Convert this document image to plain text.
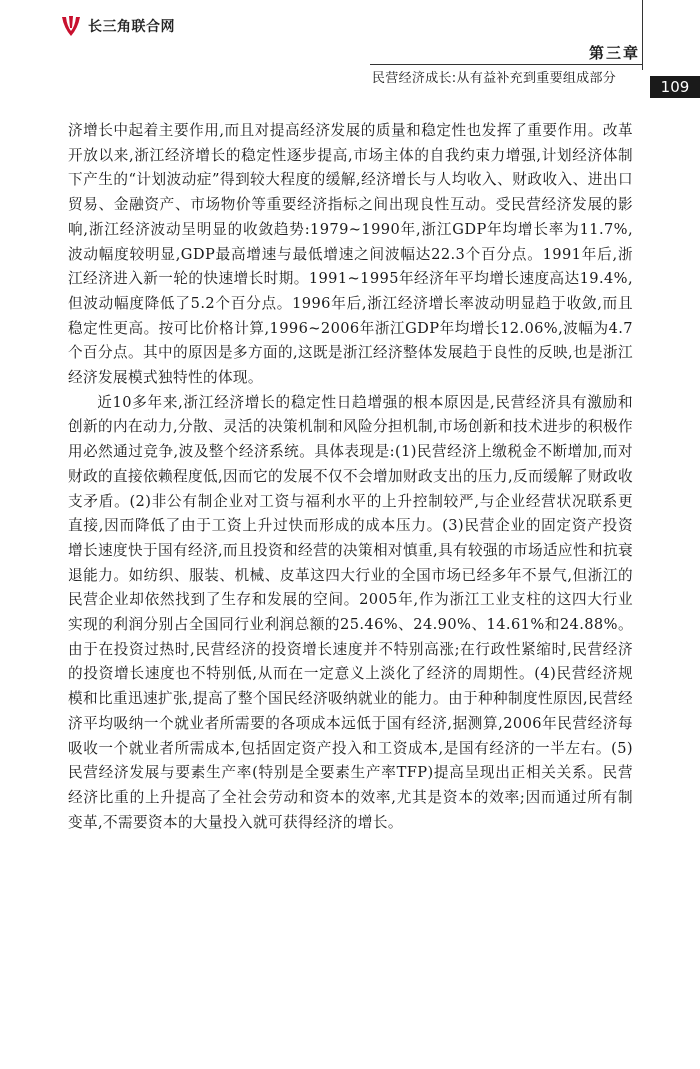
长三角联合网
第三章
民营经济成长:从有益补充到重要组成部分	109

济增长中起着主要作用,而且对提高经济发展的质量和稳定性也发挥了重要作用。改革开放以来,浙江经济增长的稳定性逐步提高,市场主体的自我约束力增强,计划经济体制下产生的“计划波动症”得到较大程度的缓解,经济增长与人均收入、财政收入、进出口贸易、金融资产、市场物价等重要经济指标之间出现良性互动。受民营经济发展的影响,浙江经济波动呈明显的收敛趋势:1979~1990年,浙江GDP年均增长率为11.7%,波动幅度较明显,GDP最高增速与最低增速之间波幅达22.3个百分点。1991年后,浙江经济进入新一轮的快速增长时期。1991~1995年经济年平均增长速度高达19.4%,但波动幅度降低了5.2个百分点。1996年后,浙江经济增长率波动明显趋于收敛,而且稳定性更高。按可比价格计算,1996~2006年浙江GDP年均增长12.06%,波幅为4.7个百分点。其中的原因是多方面的,这既是浙江经济整体发展趋于良性的反映,也是浙江经济发展模式独特性的体现。

近10多年来,浙江经济增长的稳定性日趋增强的根本原因是,民营经济具有激励和创新的内在动力,分散、灵活的决策机制和风险分担机制,市场创新和技术进步的积极作用必然通过竞争,波及整个经济系统。具体表现是:(1)民营经济上缴税金不断增加,而对财政的直接依赖程度低,因而它的发展不仅不会增加财政支出的压力,反而缓解了财政收支矛盾。(2)非公有制企业对工资与福利水平的上升控制较严,与企业经营状况联系更直接,因而降低了由于工资上升过快而形成的成本压力。(3)民营企业的固定资产投资增长速度快于国有经济,而且投资和经营的决策相对慎重,具有较强的市场适应性和抗衰退能力。如纺织、服装、机械、皮革这四大行业的全国市场已经多年不景气,但浙江的民营企业却依然找到了生存和发展的空间。2005年,作为浙江工业支柱的这四大行业实现的利润分别占全国同行业利润总额的25.46%、24.90%、14.61%和24.88%。由于在投资过热时,民营经济的投资增长速度并不特别高涨;在行政性紧缩时,民营经济的投资增长速度也不特别低,从而在一定意义上淡化了经济的周期性。(4)民营经济规模和比重迅速扩张,提高了整个国民经济吸纳就业的能力。由于种种制度性原因,民营经济平均吸纳一个就业者所需要的各项成本远低于国有经济,据测算,2006年民营经济每吸收一个就业者所需成本,包括固定资产投入和工资成本,是国有经济的一半左右。(5)民营经济发展与要素生产率(特别是全要素生产率TFP)提高呈现出正相关关系。民营经济比重的上升提高了全社会劳动和资本的效率,尤其是资本的效率;因而通过所有制变革,不需要资本的大量投入就可获得经济的增长。
